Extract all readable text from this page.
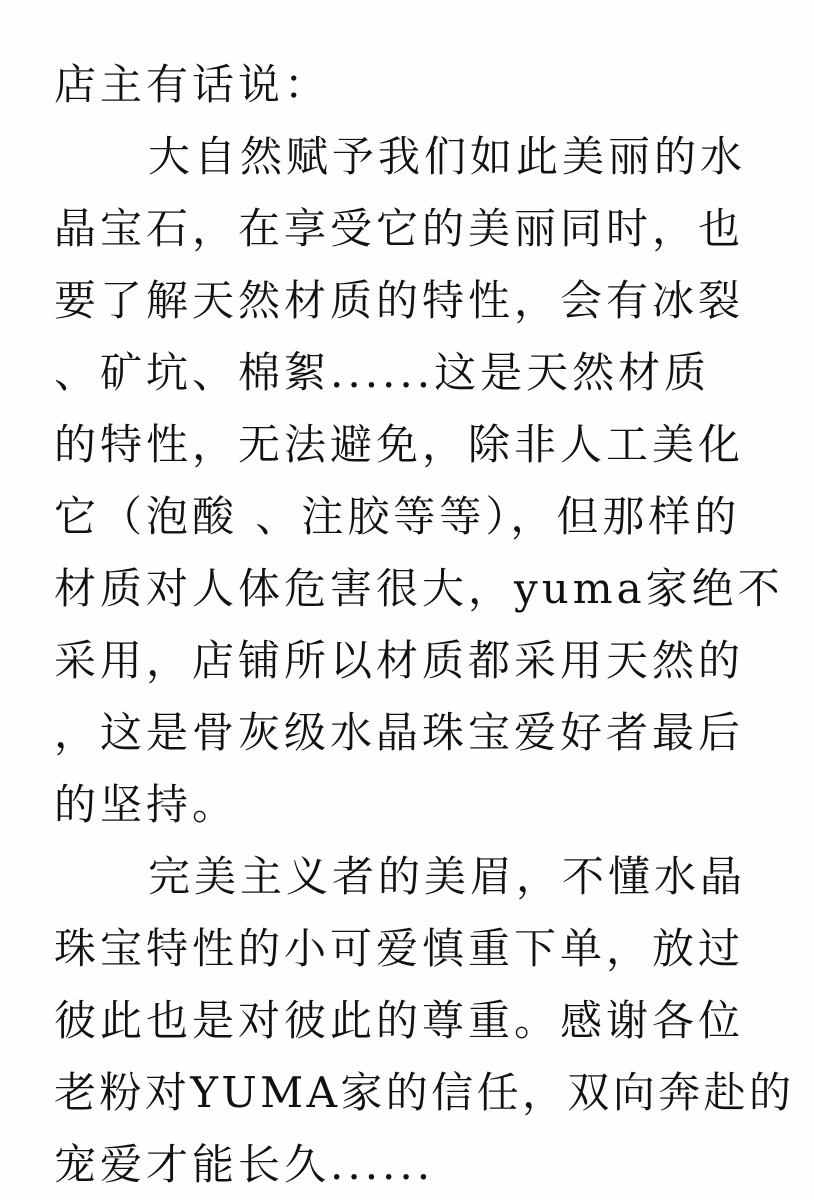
店主有话说：

大自然赋予我们如此美丽的水

晶宝石，在享受它的美丽同时，也

要了解天然材质的特性，会有冰裂

、矿坑、棉絮......这是天然材质

的特性，无法避免，除非人工美化

它（泡酸 、注胶等等），但那样的

材质对人体危害很大，yuma家绝不

采用，店铺所以材质都采用天然的

，这是骨灰级水晶珠宝爱好者最后

的坚持。

完美主义者的美眉，不懂水晶

珠宝特性的小可爱慎重下单，放过

彼此也是对彼此的尊重。感谢各位

老粉对YUMA家的信任，双向奔赴的

宠爱才能长久......
